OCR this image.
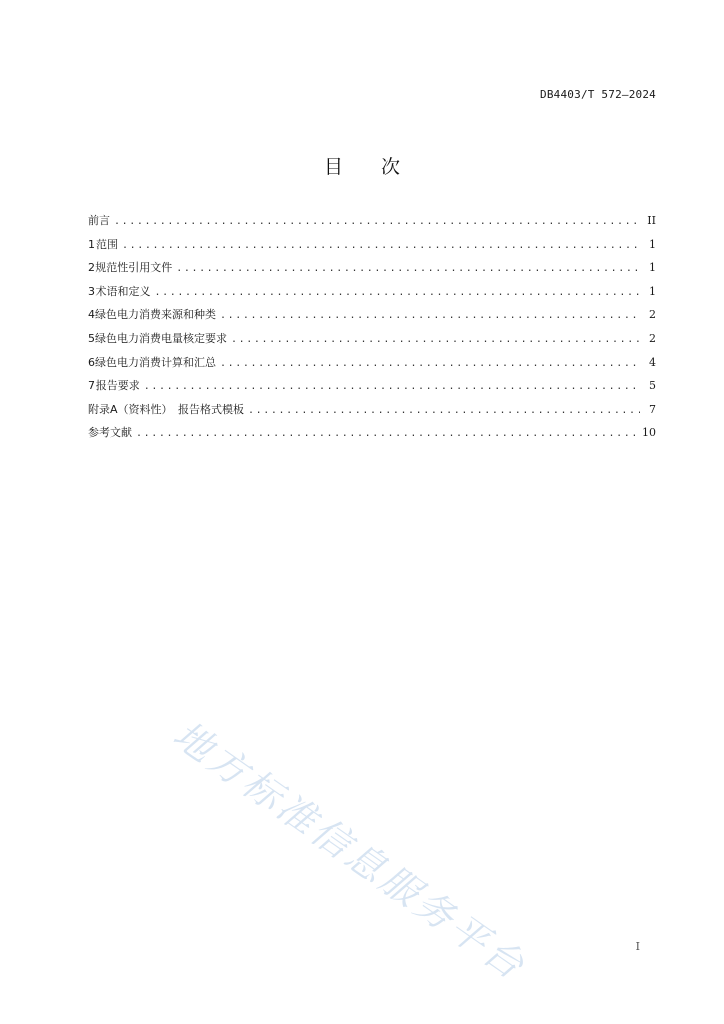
DB4403/T 572—2024
目 次
前言 .....	II
1 范围 .....	1
2 规范性引用文件 .....	1
3 术语和定义 .....	1
4 绿色电力消费来源和种类 .....	2
5 绿色电力消费电量核定要求 .....	2
6 绿色电力消费计算和汇总 .....	4
7 报告要求 .....	5
附录A（资料性）　报告格式模板 .....	7
参考文献 .....	10
地方标准信息服务平台	I
